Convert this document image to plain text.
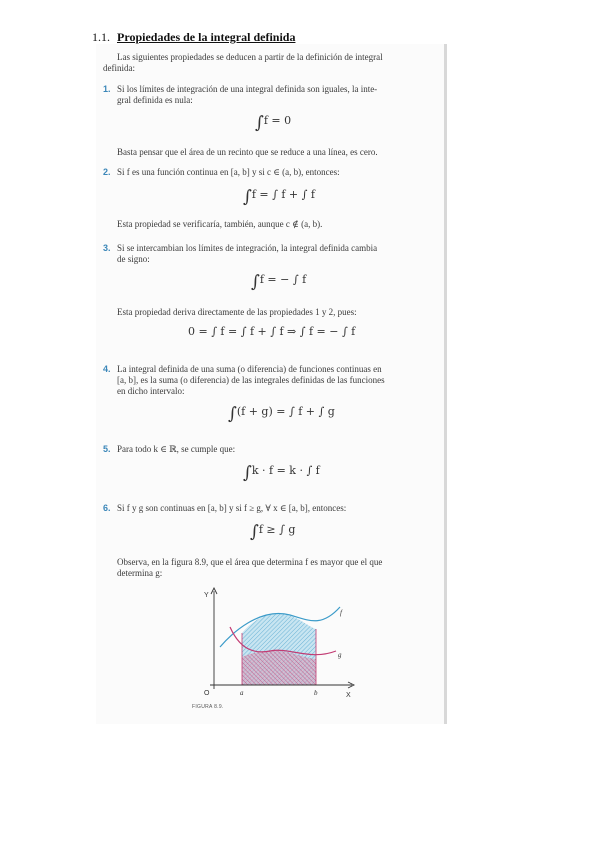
1.1. Propiedades de la integral definida
Las siguientes propiedades se deducen a partir de la definición de integral
definida:
1. Si los límites de integración de una integral definida son iguales, la inte-
gral definida es nula:
∫f = 0
Basta pensar que el área de un recinto que se reduce a una línea, es cero.
2. Si f es una función continua en [a, b] y si c ∈ (a, b), entonces:
∫f = ∫ f + ∫ f
Esta propiedad se verificaría, también, aunque c ∉ (a, b).
3. Si se intercambian los límites de integración, la integral definida cambia
de signo:
∫f = − ∫ f
Esta propiedad deriva directamente de las propiedades 1 y 2, pues:
0 = ∫ f = ∫ f + ∫ f ⇒ ∫ f = − ∫ f
4. La integral definida de una suma (o diferencia) de funciones continuas en
[a, b], es la suma (o diferencia) de las integrales definidas de las funciones
en dicho intervalo:
∫(f + g) = ∫ f + ∫ g
5. Para todo k ∈ ℝ, se cumple que:
∫k · f = k · ∫ f
6. Si f y g son continuas en [a, b] y si f ≥ g, ∀ x ∈ [a, b], entonces:
∫f ≥ ∫ g
Observa, en la figura 8.9, que el área que determina f es mayor que el que
determina g:
Y
X
O	a	b
f
g
FIGURA 8.9.
